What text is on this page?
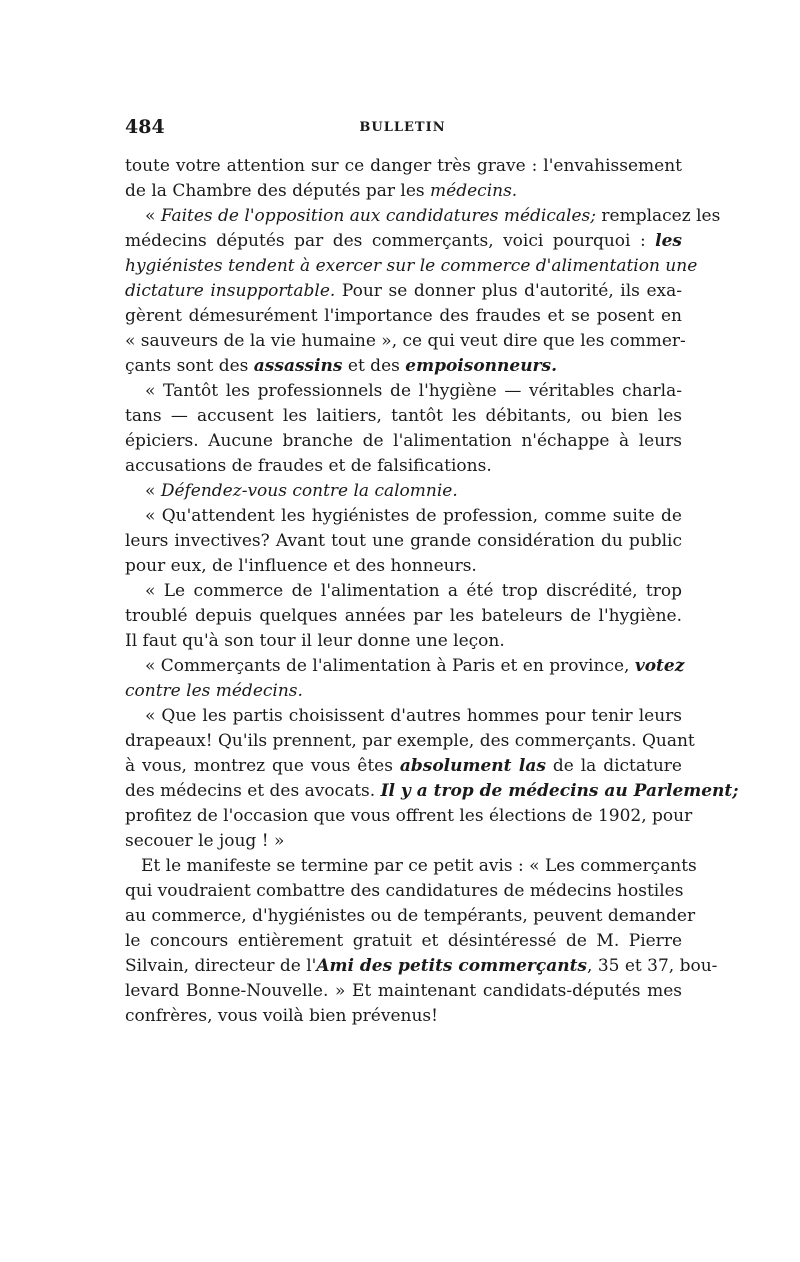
484	BULLETIN
toute votre attention sur ce danger très grave : l'envahissement
de la Chambre des députés par les médecins.
« Faites de l'opposition aux candidatures médicales; remplacez les
médecins députés par des commerçants, voici pourquoi : les
hygiénistes tendent à exercer sur le commerce d'alimentation une
dictature insupportable. Pour se donner plus d'autorité, ils exa-
gèrent démesurément l'importance des fraudes et se posent en
« sauveurs de la vie humaine », ce qui veut dire que les commer-
çants sont des assassins et des empoisonneurs.
« Tantôt les professionnels de l'hygiène — véritables charla-
tans — accusent les laitiers, tantôt les débitants, ou bien les
épiciers. Aucune branche de l'alimentation n'échappe à leurs
accusations de fraudes et de falsifications.
« Défendez-vous contre la calomnie.
« Qu'attendent les hygiénistes de profession, comme suite de
leurs invectives? Avant tout une grande considération du public
pour eux, de l'influence et des honneurs.
« Le commerce de l'alimentation a été trop discrédité, trop
troublé depuis quelques années par les bateleurs de l'hygiène.
Il faut qu'à son tour il leur donne une leçon.
« Commerçants de l'alimentation à Paris et en province, votez
contre les médecins.
« Que les partis choisissent d'autres hommes pour tenir leurs
drapeaux! Qu'ils prennent, par exemple, des commerçants. Quant
à vous, montrez que vous êtes absolument las de la dictature
des médecins et des avocats. Il y a trop de médecins au Parlement;
profitez de l'occasion que vous offrent les élections de 1902, pour
secouer le joug ! »
Et le manifeste se termine par ce petit avis : « Les commerçants
qui voudraient combattre des candidatures de médecins hostiles
au commerce, d'hygiénistes ou de tempérants, peuvent demander
le concours entièrement gratuit et désintéressé de M. Pierre
Silvain, directeur de l'Ami des petits commerçants, 35 et 37, bou-
levard Bonne-Nouvelle. » Et maintenant candidats-députés mes
confrères, vous voilà bien prévenus!
